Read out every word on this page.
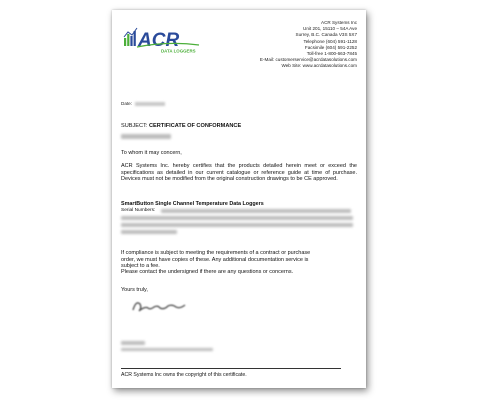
ACR
DATA LOGGERS
ACR Systems Inc
Unit 201, 15110 – 54A Ave
Surrey, B.C. Canada V3S 5X7
Telephone (604) 591-1128
Facsimile (604) 591-2252
Toll-free 1-800-663-7845
E-Mail: customerservice@acrdatasolutions.com
Web Site: www.acrdatasolutions.com
Date:
SUBJECT: CERTIFICATE OF CONFORMANCE
To whom it may concern,
ACR Systems Inc. hereby certifies that the products detailed herein meet or exceed the specifications as detailed in our current catalogue or reference guide at time of purchase. Devices must not be modified from the original construction drawings to be CE approved.
SmartButton Single Channel Temperature Data Loggers
Serial Numbers:
If compliance is subject to meeting the requirements of a contract or purchase order, we must have copies of these. Any additional documentation service is subject to a fee.
Please contact the undersigned if there are any questions or concerns.
Yours truly,
ACR Systems Inc owns the copyright of this certificate.
